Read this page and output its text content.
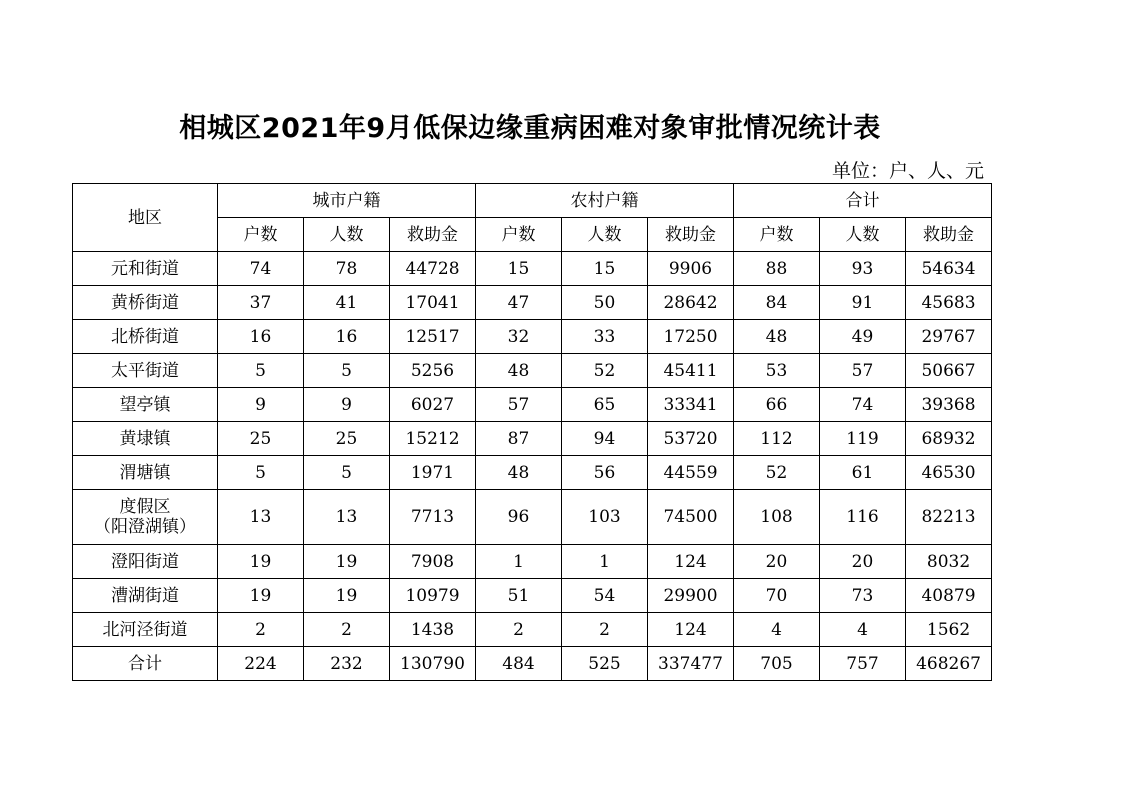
相城区2021年9月低保边缘重病困难对象审批情况统计表
单位：户、人、元
地区	城市户籍			农村户籍			合计		
	户数	人数	救助金	户数	人数	救助金	户数	人数	救助金

元和街道	74	78	44728	15	15	9906	88	93	54634

黄桥街道	37	41	17041	47	50	28642	84	91	45683

北桥街道	16	16	12517	32	33	17250	48	49	29767

太平街道	5	5	5256	48	52	45411	53	57	50667

望亭镇	9	9	6027	57	65	33341	66	74	39368

黄埭镇	25	25	15212	87	94	53720	112	119	68932

渭塘镇	5	5	1971	48	56	44559	52	61	46530

度假区
（阳澄湖镇）	13	13	7713	96	103	74500	108	116	82213

澄阳街道	19	19	7908	1	1	124	20	20	8032

漕湖街道	19	19	10979	51	54	29900	70	73	40879

北河泾街道	2	2	1438	2	2	124	4	4	1562

合计	224	232	130790	484	525	337477	705	757	468267
